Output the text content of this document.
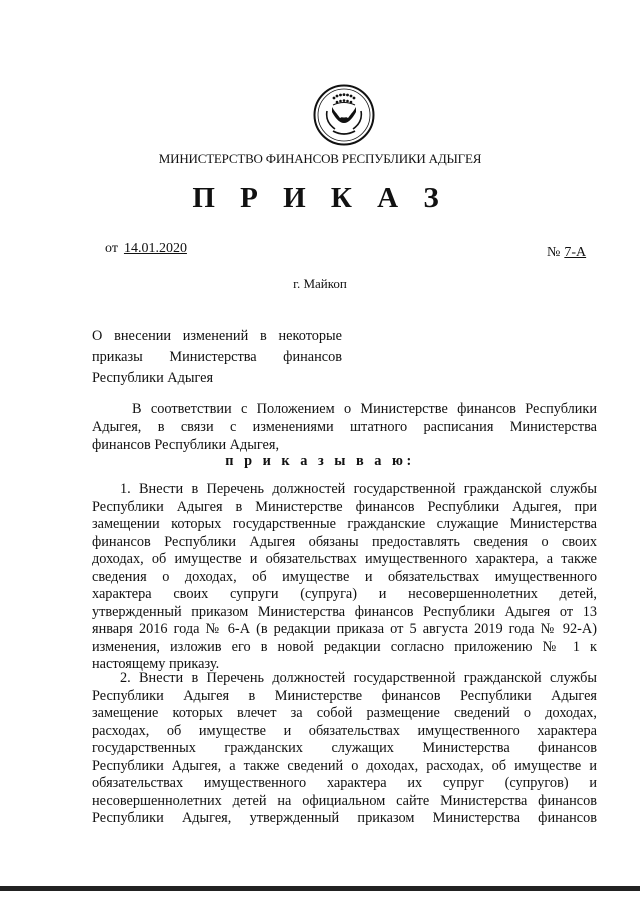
МИНИСТЕРСТВО ФИНАНСОВ РЕСПУБЛИКИ АДЫГЕЯ
П Р И К А З
от 14.01.2020	№ 7-А
г. Майкоп
О внесении изменений в некоторые
приказы Министерства финансов
Республики Адыгея
В соответствии с Положением о Министерстве финансов Республики
Адыгея, в связи с изменениями штатного расписания Министерства
финансов Республики Адыгея,
п р и к а з ы в а ю:
1. Внести в Перечень должностей государственной гражданской службы
Республики Адыгея в Министерстве финансов Республики Адыгея, при
замещении которых государственные гражданские служащие Министерства
финансов Республики Адыгея обязаны предоставлять сведения о своих
доходах, об имуществе и обязательствах имущественного характера, а также
сведения о доходах, об имуществе и обязательствах имущественного
характера своих супруги (супруга) и несовершеннолетних детей,
утвержденный приказом Министерства финансов Республики Адыгея от 13
января 2016 года № 6-А (в редакции приказа от 5 августа 2019 года № 92-А)
изменения, изложив его в новой редакции согласно приложению № 1 к
настоящему приказу.
2. Внести в Перечень должностей государственной гражданской службы
Республики Адыгея в Министерстве финансов Республики Адыгея
замещение которых влечет за собой размещение сведений о доходах,
расходах, об имуществе и обязательствах имущественного характера
государственных гражданских служащих Министерства финансов
Республики Адыгея, а также сведений о доходах, расходах, об имуществе и
обязательствах имущественного характера их супруг (супругов) и
несовершеннолетних детей на официальном сайте Министерства финансов
Республики Адыгея, утвержденный приказом Министерства финансов
